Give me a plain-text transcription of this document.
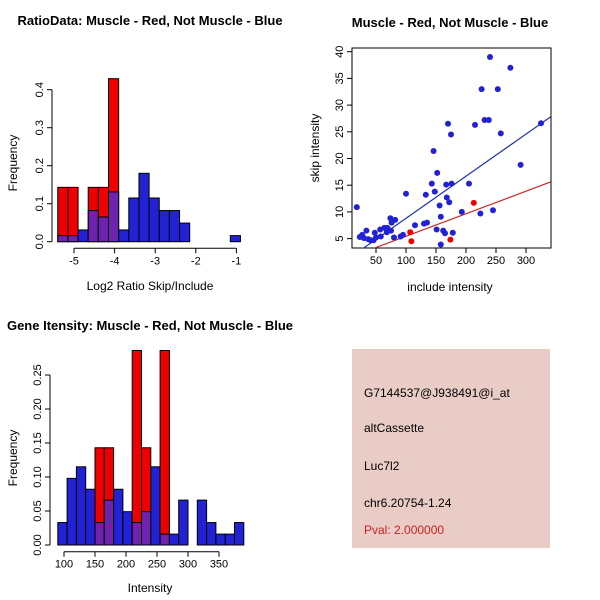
RatioData: Muscle - Red, Not Muscle - Blue
Frequency
Log2 Ratio Skip/Include
-5	-4	-3	-2	-1
0.0
0.1
0.2
0.3
0.4
Muscle - Red, Not Muscle - Blue
skip intensity
include intensity
50 100 150 200 250 300
5
10
15
20
25
30
35
40
Gene Itensity: Muscle - Red, Not Muscle - Blue
Frequency
Intensity
100 150 200 250 300 350
0.00
0.05
0.10
0.15
0.20
0.25
G7144537@J938491@i_at
altCassette
Luc7l2
chr6.20754-1.24
Pval: 2.000000
